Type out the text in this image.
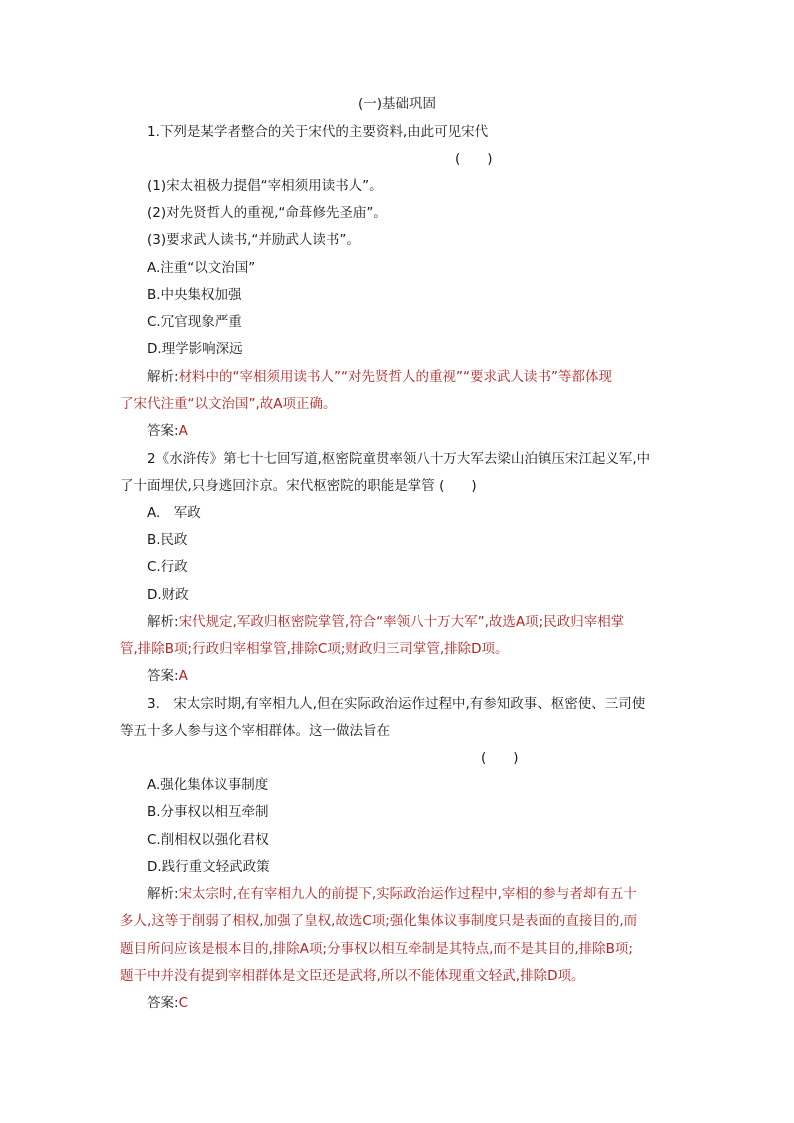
(一)基础巩固
1.下列是某学者整合的关于宋代的主要资料,由此可见宋代
(　　)
(1)宋太祖极力提倡“宰相须用读书人”。
(2)对先贤哲人的重视,“命葺修先圣庙”。
(3)要求武人读书,“并励武人读书”。
A.注重“以文治国”
B.中央集权加强
C.冗官现象严重
D.理学影响深远
解析:材料中的“宰相须用读书人”“对先贤哲人的重视”“要求武人读书”等都体现
了宋代注重“以文治国”,故A项正确。
答案:A
2《水浒传》第七十七回写道,枢密院童贯率领八十万大军去梁山泊镇压宋江起义军,中
了十面埋伏,只身逃回汴京。宋代枢密院的职能是掌管 (　　)
A.　军政
B.民政
C.行政
D.财政
解析:宋代规定,军政归枢密院掌管,符合“率领八十万大军”,故选A项;民政归宰相掌
管,排除B项;行政归宰相掌管,排除C项;财政归三司掌管,排除D项。
答案:A
3.　宋太宗时期,有宰相九人,但在实际政治运作过程中,有参知政事、枢密使、三司使
等五十多人参与这个宰相群体。这一做法旨在
(　　)
A.强化集体议事制度
B.分事权以相互牵制
C.削相权以强化君权
D.践行重文轻武政策
解析:宋太宗时,在有宰相九人的前提下,实际政治运作过程中,宰相的参与者却有五十
多人,这等于削弱了相权,加强了皇权,故选C项;强化集体议事制度只是表面的直接目的,而
题目所问应该是根本目的,排除A项;分事权以相互牵制是其特点,而不是其目的,排除B项;
题干中并没有提到宰相群体是文臣还是武将,所以不能体现重文轻武,排除D项。
答案:C
